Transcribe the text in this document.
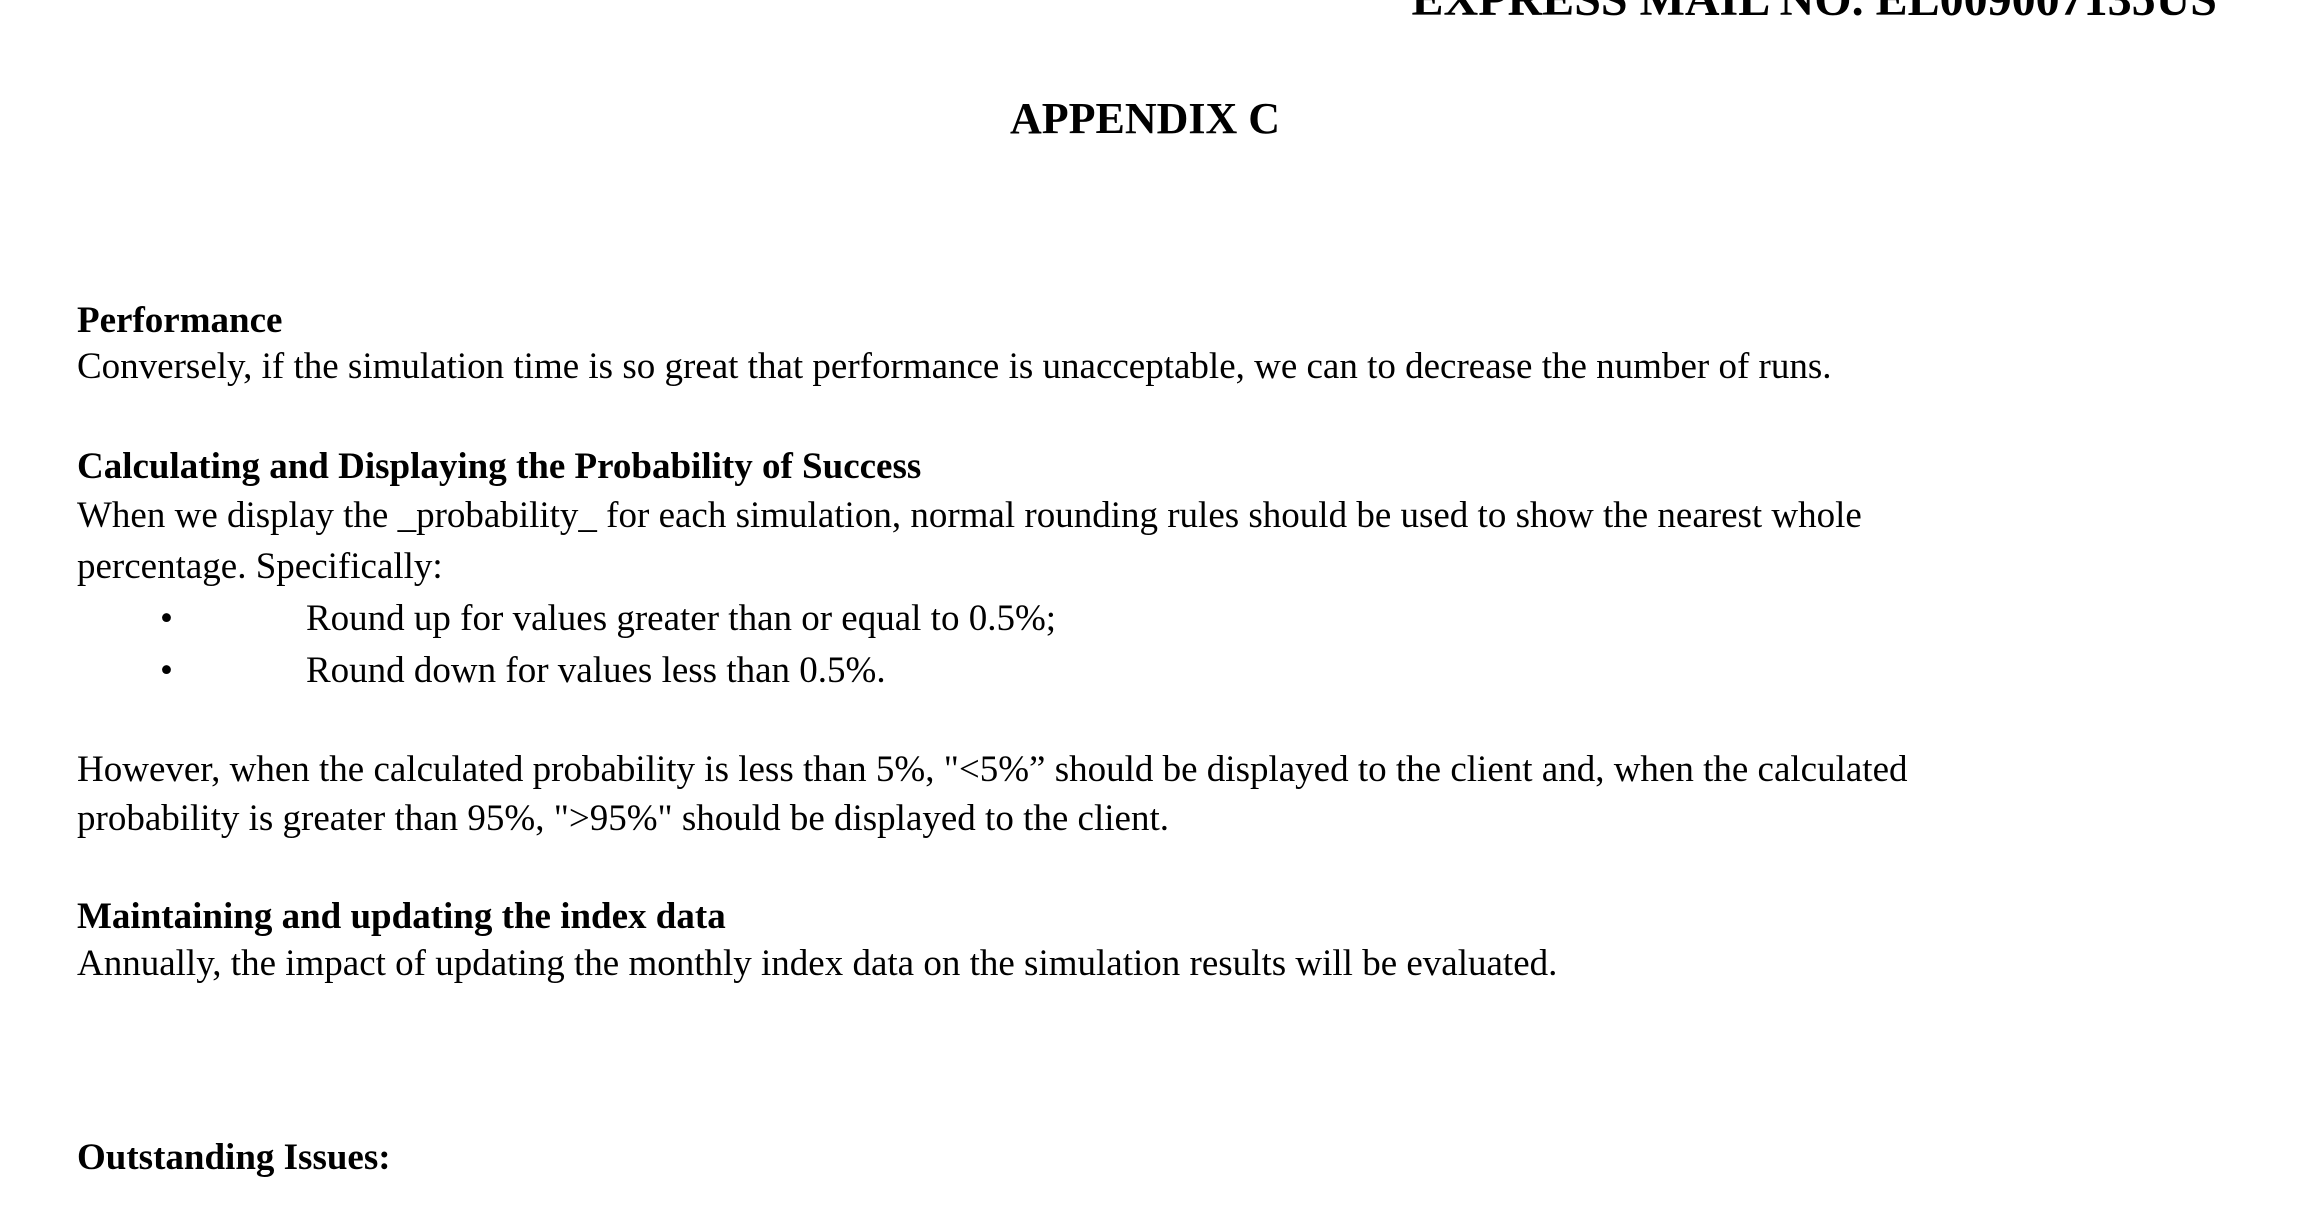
APPENDIX C
Performance
Conversely, if the simulation time is so great that performance is unacceptable, we can to decrease the number of runs.
Calculating and Displaying the Probability of Success
When we display the _probability_ for each simulation, normal rounding rules should be used to show the nearest whole
percentage. Specifically:
•	Round up for values greater than or equal to 0.5%;
•	Round down for values less than 0.5%.
However, when the calculated probability is less than 5%, "<5%” should be displayed to the client and, when the calculated
probability is greater than 95%, ">95%" should be displayed to the client.
Maintaining and updating the index data
Annually, the impact of updating the monthly index data on the simulation results will be evaluated.
Outstanding Issues:
